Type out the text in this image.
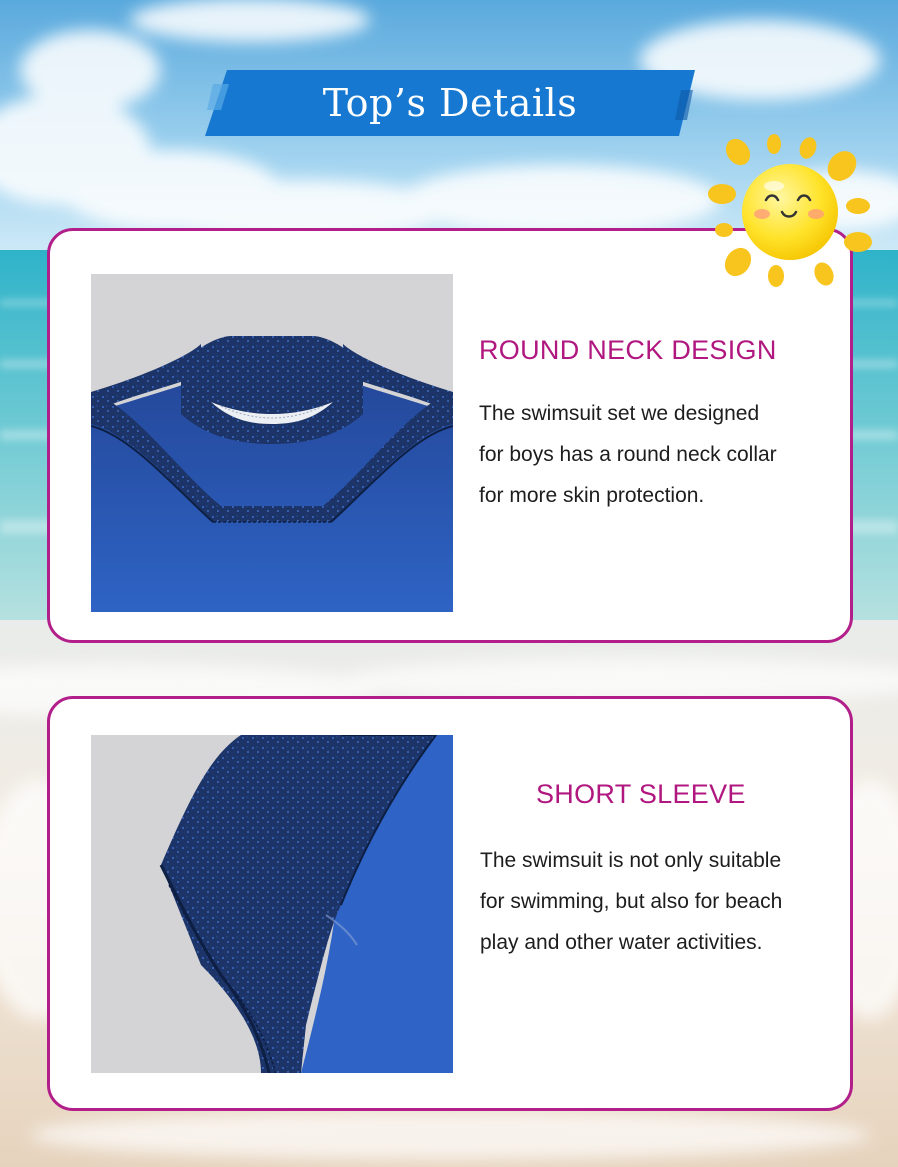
Top’s Details
ROUND NECK DESIGN
The swimsuit set we designed
for boys has a round neck collar
for more skin protection.
SHORT SLEEVE
The swimsuit is not only suitable
for swimming, but also for beach
play and other water activities.
